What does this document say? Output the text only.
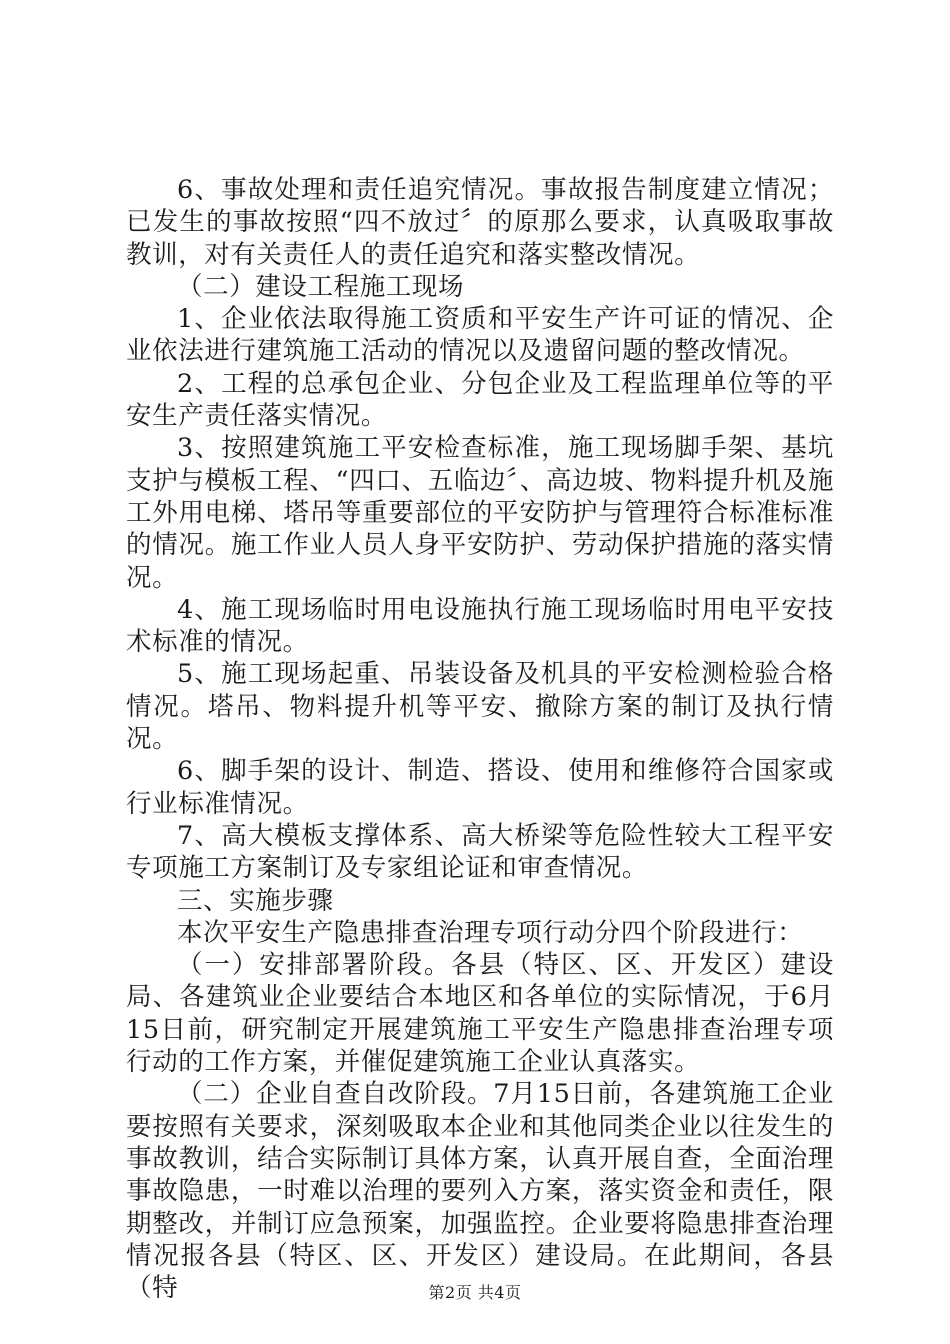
6、事故处理和责任追究情况。事故报告制度建立情况；已发生的事故按照“四不放过〞的原那么要求，认真吸取事故教训，对有关责任人的责任追究和落实整改情况。

（二）建设工程施工现场

1、企业依法取得施工资质和平安生产许可证的情况、企业依法进行建筑施工活动的情况以及遗留问题的整改情况。

2、工程的总承包企业、分包企业及工程监理单位等的平安生产责任落实情况。

3、按照建筑施工平安检查标准，施工现场脚手架、基坑支护与模板工程、“四口、五临边〞、高边坡、物料提升机及施工外用电梯、塔吊等重要部位的平安防护与管理符合标准标准的情况。施工作业人员人身平安防护、劳动保护措施的落实情况。

4、施工现场临时用电设施执行施工现场临时用电平安技术标准的情况。

5、施工现场起重、吊装设备及机具的平安检测检验合格情况。塔吊、物料提升机等平安、撤除方案的制订及执行情况。

6、脚手架的设计、制造、搭设、使用和维修符合国家或行业标准情况。

7、高大模板支撑体系、高大桥梁等危险性较大工程平安专项施工方案制订及专家组论证和审查情况。

三、实施步骤

本次平安生产隐患排查治理专项行动分四个阶段进行：

（一）安排部署阶段。各县（特区、区、开发区）建设局、各建筑业企业要结合本地区和各单位的实际情况，于6月15日前，研究制定开展建筑施工平安生产隐患排查治理专项行动的工作方案，并催促建筑施工企业认真落实。

（二）企业自查自改阶段。7月15日前，各建筑施工企业要按照有关要求，深刻吸取本企业和其他同类企业以往发生的事故教训，结合实际制订具体方案，认真开展自查，全面治理事故隐患，一时难以治理的要列入方案，落实资金和责任，限期整改，并制订应急预案，加强监控。企业要将隐患排查治理情况报各县（特区、区、开发区）建设局。在此期间，各县（特	第2页 共4页
